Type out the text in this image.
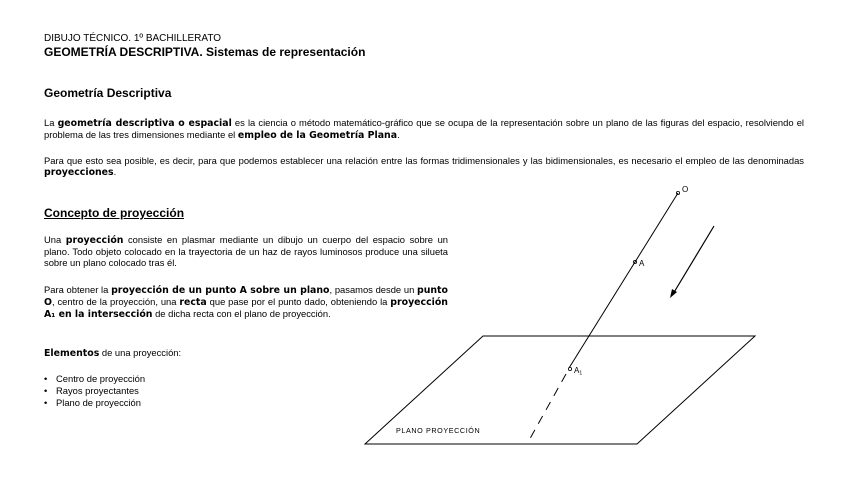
DIBUJO TÉCNICO. 1º BACHILLERATO
GEOMETRÍA DESCRIPTIVA. Sistemas de representación
Geometría Descriptiva
La geometría descriptiva o espacial es la ciencia o método matemático-gráfico que se ocupa de la representación sobre un plano de las figuras del espacio, resolviendo el problema de las tres dimensiones mediante el empleo de la Geometría Plana.
Para que esto sea posible, es decir, para que podemos establecer una relación entre las formas tridimensionales y las bidimensionales, es necesario el empleo de las denominadas proyecciones.
Concepto de proyección
Una proyección consiste en plasmar mediante un dibujo un cuerpo del espacio sobre un plano. Todo objeto colocado en la trayectoria de un haz de rayos luminosos produce una silueta sobre un plano colocado tras él.
Para obtener la proyección de un punto A sobre un plano, pasamos desde un punto O, centro de la proyección, una recta que pase por el punto dado, obteniendo la proyección A₁ en la intersección de dicha recta con el plano de proyección.
Elementos de una proyección:
• Centro de proyección
• Rayos proyectantes
• Plano de proyección
O
A
A1
PLANO PROYECCIÓN
